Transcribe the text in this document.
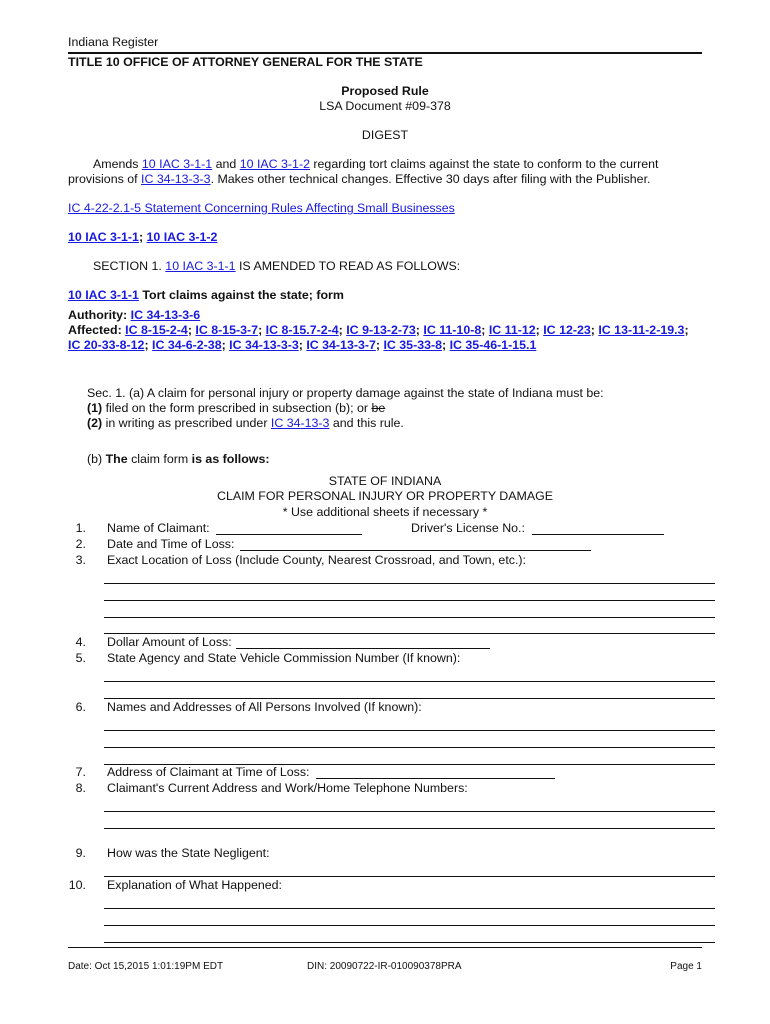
Indiana Register
TITLE 10 OFFICE OF ATTORNEY GENERAL FOR THE STATE
Proposed Rule
LSA Document #09-378
DIGEST
Amends 10 IAC 3-1-1 and 10 IAC 3-1-2 regarding tort claims against the state to conform to the current
provisions of IC 34-13-3-3. Makes other technical changes. Effective 30 days after filing with the Publisher.
IC 4-22-2.1-5 Statement Concerning Rules Affecting Small Businesses
10 IAC 3-1-1; 10 IAC 3-1-2
SECTION 1. 10 IAC 3-1-1 IS AMENDED TO READ AS FOLLOWS:
10 IAC 3-1-1 Tort claims against the state; form
Authority: IC 34-13-3-6
Affected: IC 8-15-2-4; IC 8-15-3-7; IC 8-15.7-2-4; IC 9-13-2-73; IC 11-10-8; IC 11-12; IC 12-23; IC 13-11-2-19.3;
IC 20-33-8-12; IC 34-6-2-38; IC 34-13-3-3; IC 34-13-3-7; IC 35-33-8; IC 35-46-1-15.1
Sec. 1. (a) A claim for personal injury or property damage against the state of Indiana must be:
(1) filed on the form prescribed in subsection (b); or be
(2) in writing as prescribed under IC 34-13-3 and this rule.
(b) The claim form is as follows:
STATE OF INDIANA
CLAIM FOR PERSONAL INJURY OR PROPERTY DAMAGE
* Use additional sheets if necessary *
1. Name of Claimant:	Driver's License No.:
2. Date and Time of Loss:
3. Exact Location of Loss (Include County, Nearest Crossroad, and Town, etc.):
4. Dollar Amount of Loss:
5. State Agency and State Vehicle Commission Number (If known):
6. Names and Addresses of All Persons Involved (If known):
7. Address of Claimant at Time of Loss:
8. Claimant's Current Address and Work/Home Telephone Numbers:
9. How was the State Negligent:
10. Explanation of What Happened:
Date: Oct 15,2015 1:01:19PM EDT	DIN: 20090722-IR-010090378PRA	Page 1
